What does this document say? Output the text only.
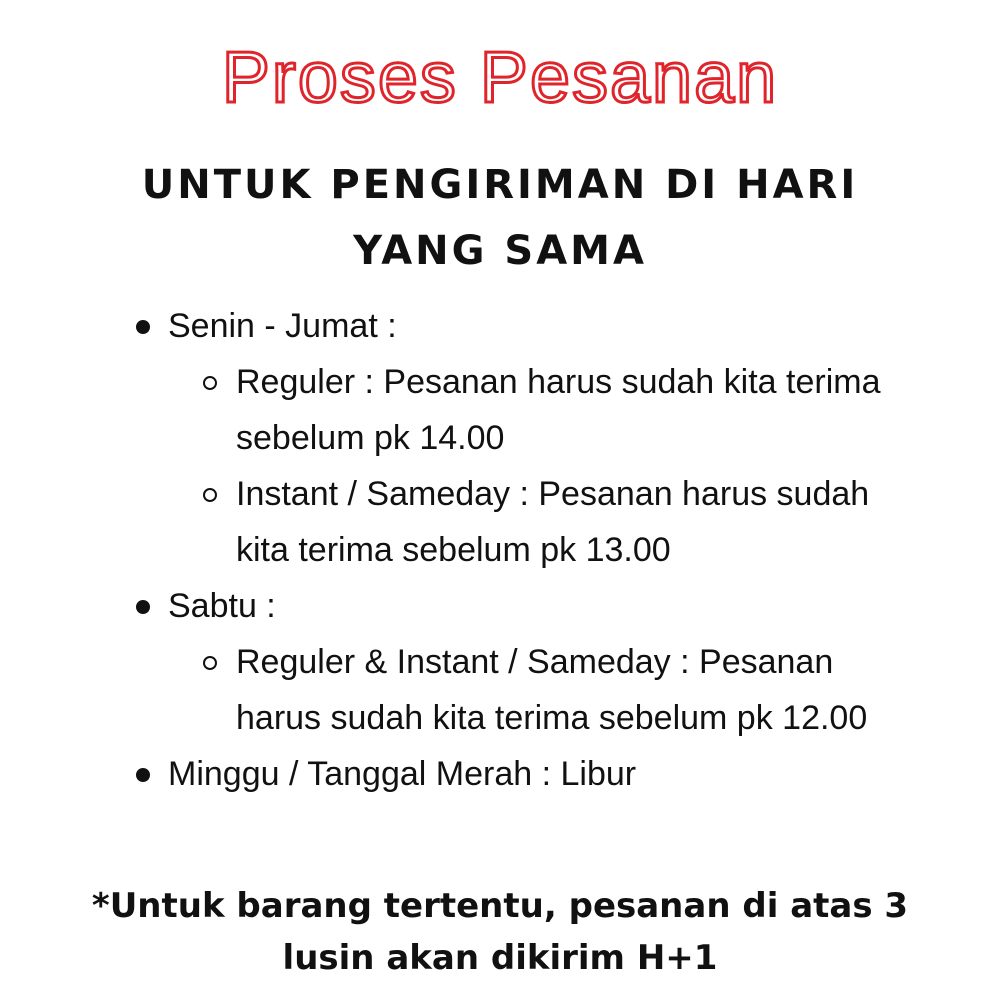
Proses Pesanan
UNTUK PENGIRIMAN DI HARI YANG SAMA
Senin - Jumat :
Reguler : Pesanan harus sudah kita terima sebelum pk 14.00
Instant / Sameday : Pesanan harus sudah kita terima sebelum pk 13.00
Sabtu :
Reguler & Instant / Sameday : Pesanan harus sudah kita terima sebelum pk 12.00
Minggu / Tanggal Merah : Libur

*Untuk barang tertentu, pesanan di atas 3 lusin akan dikirim H+1
